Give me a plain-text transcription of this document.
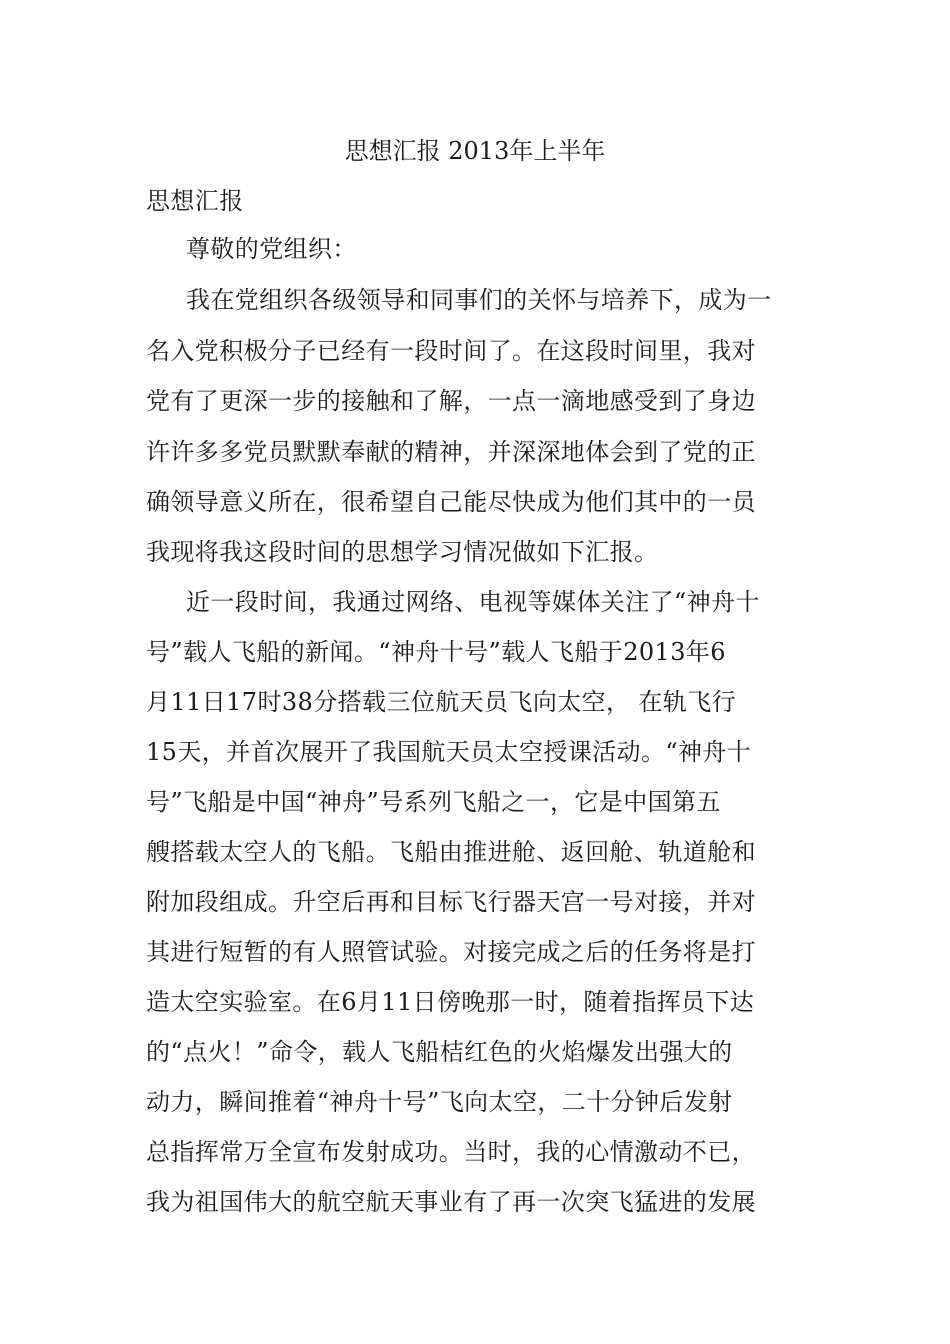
思想汇报 2013年上半年
思想汇报
尊敬的党组织：
我在党组织各级领导和同事们的关怀与培养下，成为一
名入党积极分子已经有一段时间了。在这段时间里，我对
党有了更深一步的接触和了解，一点一滴地感受到了身边
许许多多党员默默奉献的精神，并深深地体会到了党的正
确领导意义所在，很希望自己能尽快成为他们其中的一员
我现将我这段时间的思想学习情况做如下汇报。
近一段时间，我通过网络、电视等媒体关注了“神舟十
号”载人飞船的新闻。“神舟十号”载人飞船于2013年6
月11日17时38分搭载三位航天员飞向太空， 在轨飞行
15天，并首次展开了我国航天员太空授课活动。“神舟十
号”飞船是中国“神舟”号系列飞船之一，它是中国第五
艘搭载太空人的飞船。飞船由推进舱、返回舱、轨道舱和
附加段组成。升空后再和目标飞行器天宫一号对接，并对
其进行短暂的有人照管试验。对接完成之后的任务将是打
造太空实验室。在6月11日傍晚那一时，随着指挥员下达
的“点火！”命令，载人飞船桔红色的火焰爆发出强大的
动力，瞬间推着“神舟十号”飞向太空，二十分钟后发射
总指挥常万全宣布发射成功。当时，我的心情激动不已，
我为祖国伟大的航空航天事业有了再一次突飞猛进的发展
